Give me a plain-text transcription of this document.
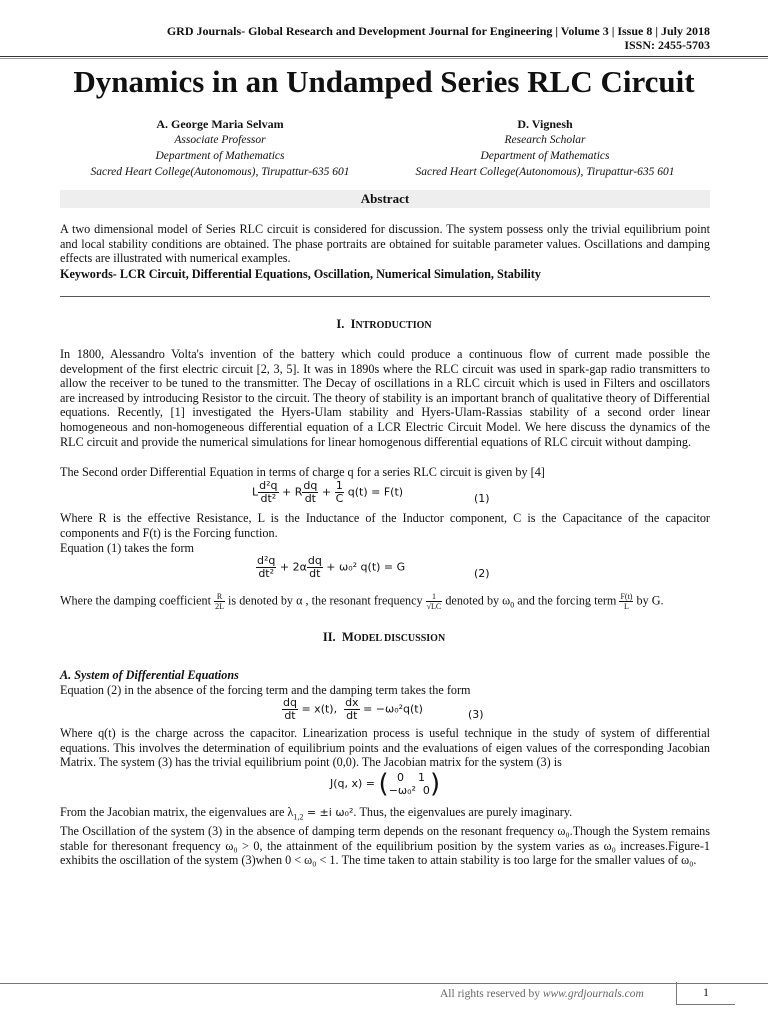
GRD Journals- Global Research and Development Journal for Engineering | Volume 3 | Issue 8 | July 2018
ISSN: 2455-5703
Dynamics in an Undamped Series RLC Circuit
A. George Maria Selvam
Associate Professor
Department of Mathematics
Sacred Heart College(Autonomous), Tirupattur-635 601
D. Vignesh
Research Scholar
Department of Mathematics
Sacred Heart College(Autonomous), Tirupattur-635 601
Abstract
A two dimensional model of Series RLC circuit is considered for discussion. The system possess only the trivial equilibrium point and local stability conditions are obtained. The phase portraits are obtained for suitable parameter values. Oscillations and damping effects are illustrated with numerical examples.
Keywords- LCR Circuit, Differential Equations, Oscillation, Numerical Simulation, Stability
I. INTRODUCTION
In 1800, Alessandro Volta's invention of the battery which could produce a continuous flow of current made possible the development of the first electric circuit [2, 3, 5]. It was in 1890s where the RLC circuit was used in spark-gap radio transmitters to allow the receiver to be tuned to the transmitter. The Decay of oscillations in a RLC circuit which is used in Filters and oscillators are increased by introducing Resistor to the circuit. The theory of stability is an important branch of qualitative theory of Differential equations. Recently, [1] investigated the Hyers-Ulam stability and Hyers-Ulam-Rassias stability of a second order linear homogeneous and non-homogeneous differential equation of a LCR Electric Circuit Model. We here discuss the dynamics of the RLC circuit and provide the numerical simulations for linear homogenous differential equations of RLC circuit without damping.
The Second order Differential Equation in terms of charge q for a series RLC circuit is given by [4]
L $\frac{\text{d²q}}{\text{dt²}} + R \frac{dq}{dt} + \frac{1}{C} q(t) = F(t)$	(1)
Where R is the effective Resistance, L is the Inductance of the Inductor component, C is the Capacitance of the capacitor components and F(t) is the Forcing function.
Equation (1) takes the form
$\frac{\text{d²q}}{\text{dt²}} + 2\alpha \frac{dq}{dt} + \omega_0^2$ q(t) = G	(2)
Where the damping coefficient $\frac{R}{2L}$ is denoted by α , the resonant frequency $\frac{1}{√LC}$ denoted by $\omega_0$ and the forcing term $\frac{F(t)}{L}$ by G.
II. MODEL DISCUSSION
A. System of Differential Equations
Equation (2) in the absence of the forcing term and the damping term takes the form
$\frac{dq}{dt} = x(t)$, $\frac{dx}{dt} = -\omega_0^2q(t)$	(3)
Where q(t) is the charge across the capacitor. Linearization process is useful technique in the study of system of differential equations. This involves the determination of equilibrium points and the evaluations of eigen values of the corresponding Jacobian Matrix. The system (3) has the trivial equilibrium point (0,0). The Jacobian matrix for the system (3) is
J(q, x) = ( 0    1
−ω₀²  0)
From the Jacobian matrix, the eigenvalues are $\lambda_{1,2} = \pm i$ ω₀². Thus, the eigenvalues are purely imaginary.
The Oscillation of the system (3) in the absence of damping term depends on the resonant frequency ω₀.Though the System remains stable for theresonant frequency ω₀ > 0, the attainment of the equilibrium position by the system varies as ω₀ increases.Figure-1 exhibits the oscillation of the system (3)when 0 < ω₀ < 1. The time taken to attain stability is too large for the smaller values of ω₀.
All rights reserved by www.grdjournals.com	1
